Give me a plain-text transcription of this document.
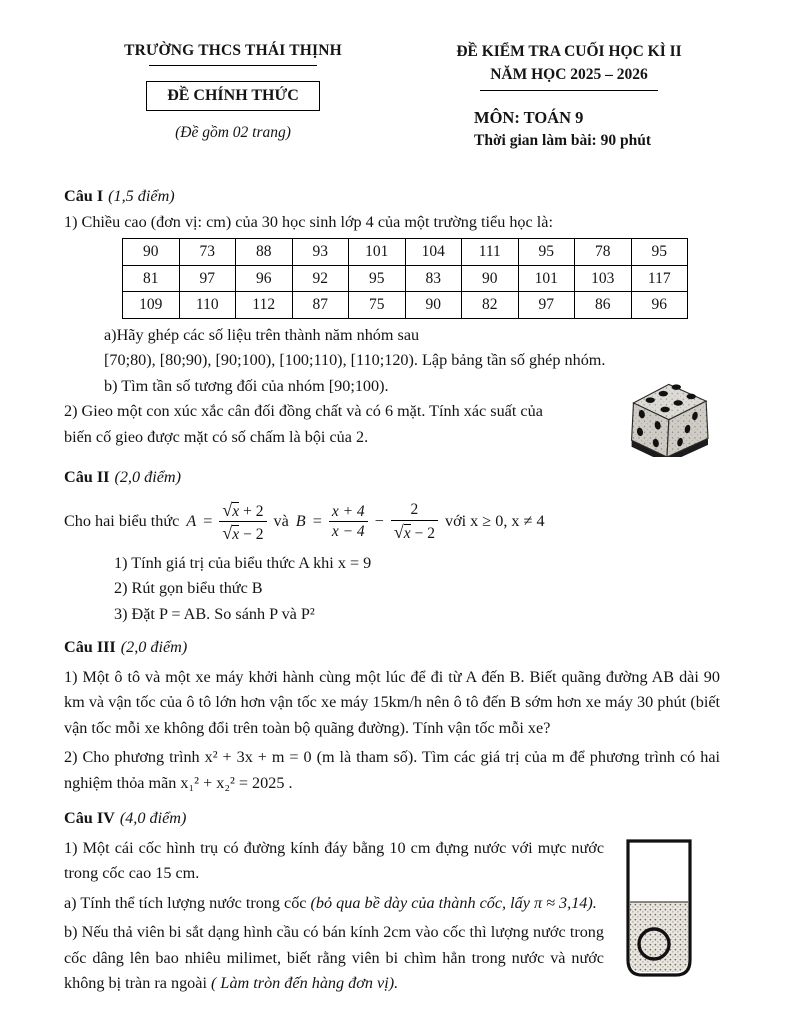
TRƯỜNG THCS THÁI THỊNH
ĐỀ CHÍNH THỨC
(Đề gồm 02 trang)
ĐỀ KIỂM TRA CUỐI HỌC KÌ II
NĂM HỌC 2025 – 2026
MÔN: TOÁN 9
Thời gian làm bài: 90 phút
Câu I (1,5 điểm)
1) Chiều cao (đơn vị: cm) của 30 học sinh lớp 4 của một trường tiểu học là:
90	73	88	93	101	104	111	95	78	95
81	97	96	92	95	83	90	101	103	117
109	110	112	87	75	90	82	97	86	96
a)Hãy ghép các số liệu trên thành năm nhóm sau
[70;80), [80;90), [90;100), [100;110), [110;120). Lập bảng tần số ghép nhóm.
b) Tìm tần số tương đối của nhóm [90;100).
2) Gieo một con xúc xắc cân đối đồng chất và có 6 mặt. Tính xác suất của
biến cố gieo được mặt có số chấm là bội của 2.
Câu II (2,0 điểm)
Cho hai biểu thức $A = \frac{√x + 2}{√x - 2}$ và $B = \frac{x + 4}{x - 4} - \frac{2}{√x - 2}$ với x ≥ 0, x ≠ 4
1) Tính giá trị của biểu thức A khi x = 9
2) Rút gọn biểu thức B
3) Đặt P = AB. So sánh P và P²
Câu III (2,0 điểm)

1) Một ô tô và một xe máy khởi hành cùng một lúc để đi từ A đến B. Biết quãng đường AB dài 90 km và vận tốc của ô tô lớn hơn vận tốc xe máy 15km/h nên ô tô đến B sớm hơn xe máy 30 phút (biết vận tốc mỗi xe không đổi trên toàn bộ quãng đường). Tính vận tốc mỗi xe?

2) Cho phương trình x² + 3x + m = 0 (m là tham số). Tìm các giá trị của m để phương trình có hai nghiệm thỏa mãn x₁² + x₂² = 2025 .

Câu IV (4,0 điểm)

1) Một cái cốc hình trụ có đường kính đáy bằng 10 cm đựng nước với mực nước trong cốc cao 15 cm.

a) Tính thể tích lượng nước trong cốc (bỏ qua bề dày của thành cốc, lấy π ≈ 3,14).

b) Nếu thả viên bi sắt dạng hình cầu có bán kính 2cm vào cốc thì lượng nước trong cốc dâng lên bao nhiêu milimet, biết rằng viên bi chìm hẳn trong nước và nước không bị tràn ra ngoài ( Làm tròn đến hàng đơn vị).
